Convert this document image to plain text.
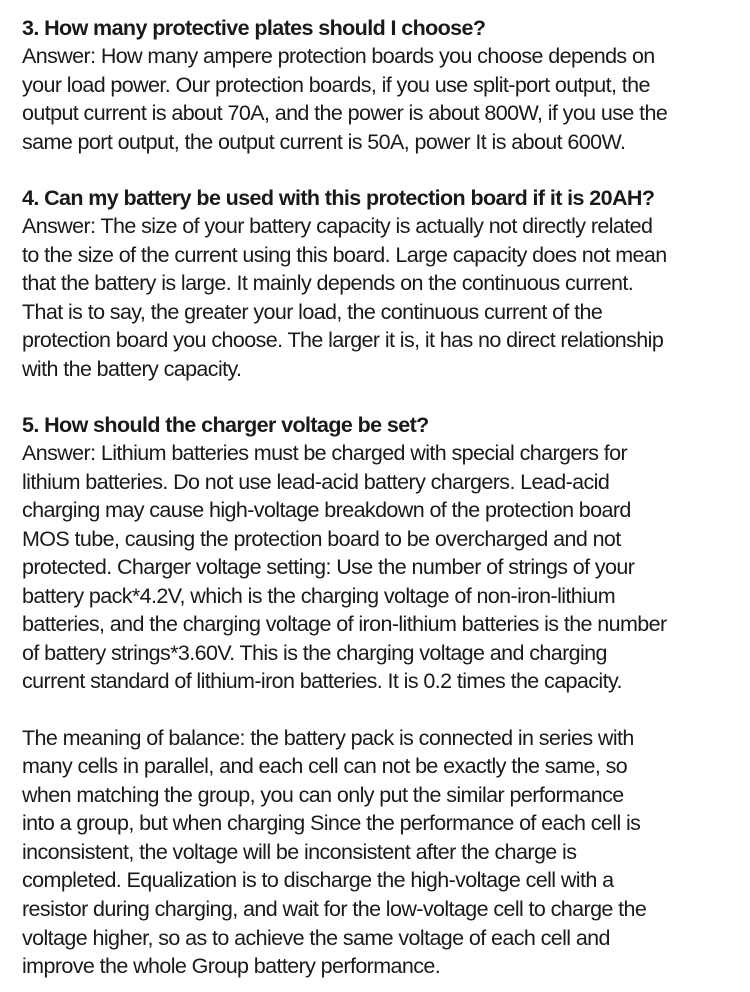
3. How many protective plates should I choose?

Answer: How many ampere protection boards you choose depends on
your load power. Our protection boards, if you use split-port output, the
output current is about 70A, and the power is about 800W, if you use the
same port output, the output current is 50A, power It is about 600W.

4. Can my battery be used with this protection board if it is 20AH?

Answer: The size of your battery capacity is actually not directly related
to the size of the current using this board. Large capacity does not mean
that the battery is large. It mainly depends on the continuous current.
That is to say, the greater your load, the continuous current of the
protection board you choose. The larger it is, it has no direct relationship
with the battery capacity.

5. How should the charger voltage be set?

Answer: Lithium batteries must be charged with special chargers for
lithium batteries. Do not use lead-acid battery chargers. Lead-acid
charging may cause high-voltage breakdown of the protection board
MOS tube, causing the protection board to be overcharged and not
protected. Charger voltage setting: Use the number of strings of your
battery pack*4.2V, which is the charging voltage of non-iron-lithium
batteries, and the charging voltage of iron-lithium batteries is the number
of battery strings*3.60V. This is the charging voltage and charging
current standard of lithium-iron batteries. It is 0.2 times the capacity.

The meaning of balance: the battery pack is connected in series with
many cells in parallel, and each cell can not be exactly the same, so
when matching the group, you can only put the similar performance
into a group, but when charging Since the performance of each cell is
inconsistent, the voltage will be inconsistent after the charge is
completed. Equalization is to discharge the high-voltage cell with a
resistor during charging, and wait for the low-voltage cell to charge the
voltage higher, so as to achieve the same voltage of each cell and
improve the whole Group battery performance.
